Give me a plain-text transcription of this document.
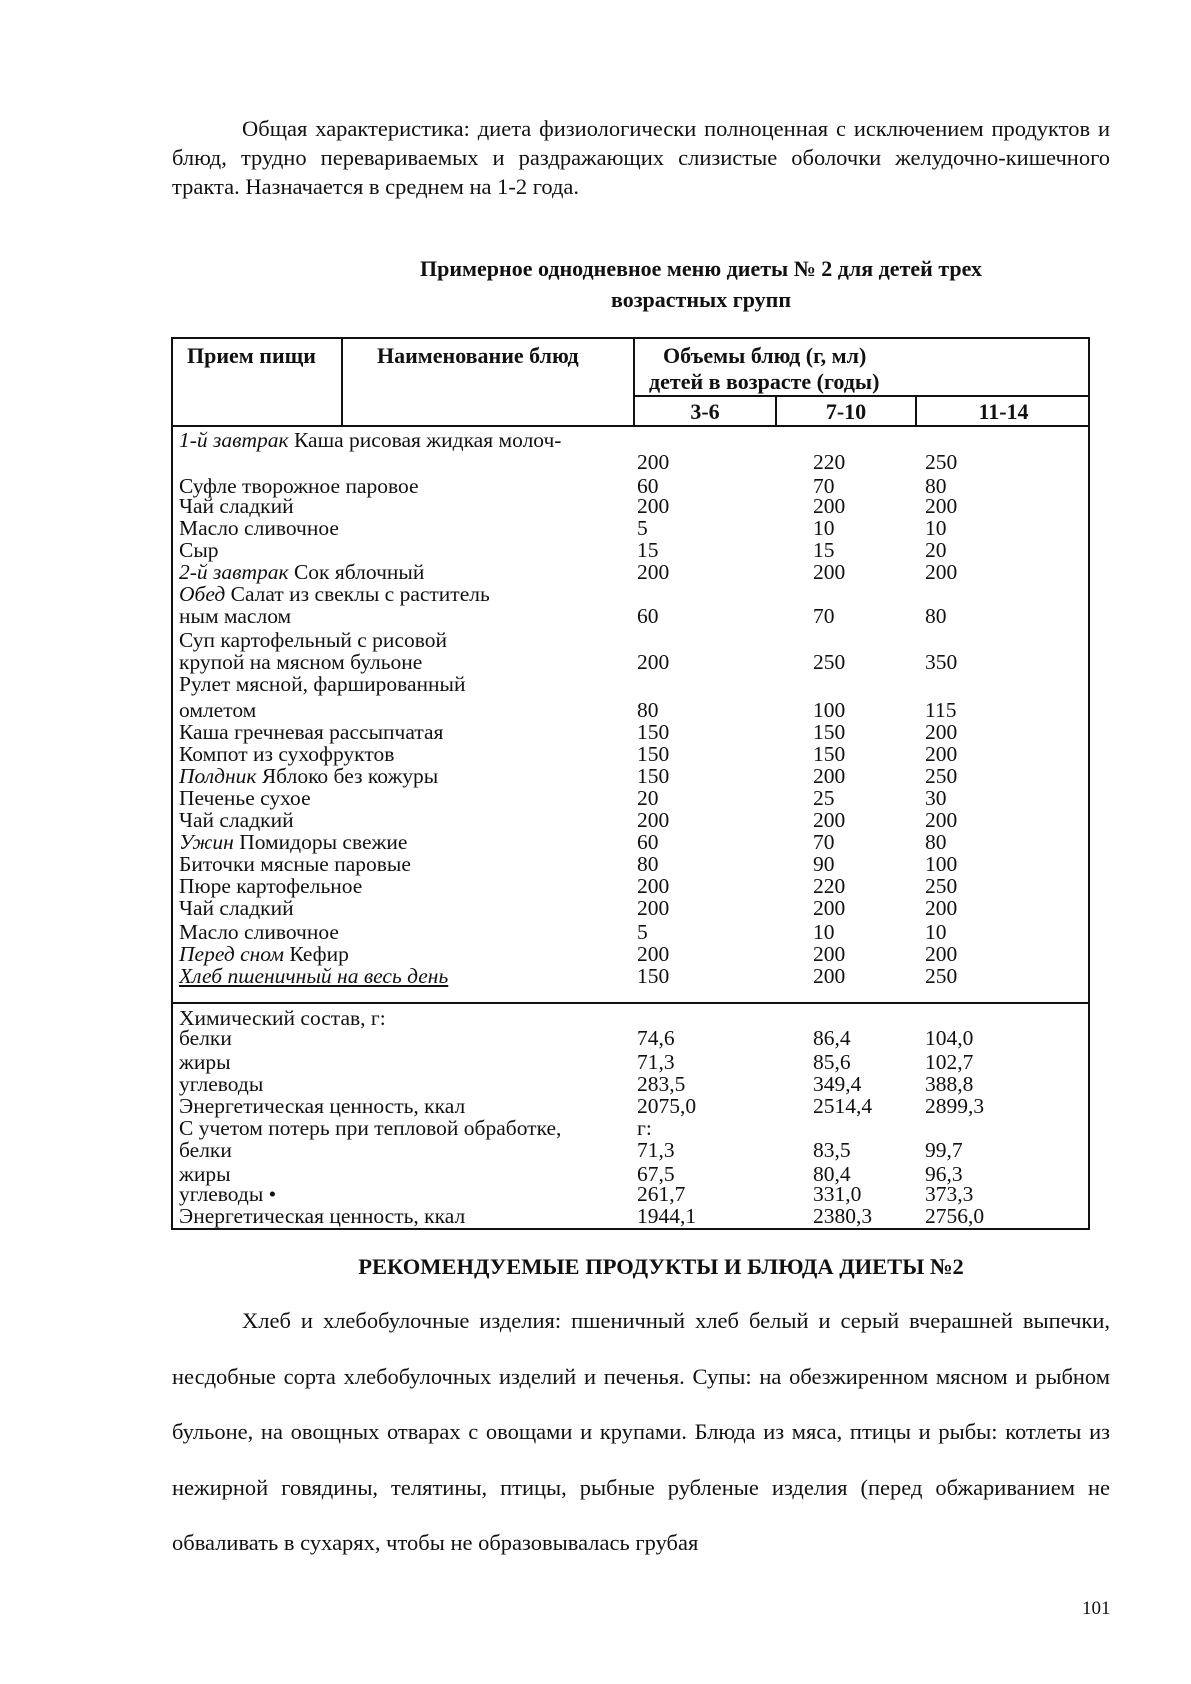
Общая характеристика: диета физиологически полноценная с исключением продуктов и блюд, трудно перевариваемых и раздражающих слизистые оболочки желудочно-кишечного тракта. Назначается в среднем на 1-2 года.

Примерное однодневное меню диеты № 2 для детей трех
возрастных групп
Прием пищи	Наименование блюд	Объемы блюд (г, мл)
детей в возрасте (годы)
3-6	7-10	11-14
1-й завтрак Каша рисовая жидкая молоч-
200	220	250
Суфле творожное паровое	60	70	80
Чай сладкий	200	200	200
Масло сливочное	5	10	10
Сыр	15	15	20
2-й завтрак Сок яблочный	200	200	200
Обед Салат из свеклы с раститель
ным маслом	60	70	80
Суп картофельный с рисовой
крупой на мясном бульоне	200	250	350
Рулет мясной, фаршированный
омлетом	80	100	115
Каша гречневая рассыпчатая	150	150	200
Компот из сухофруктов	150	150	200
Полдник Яблоко без кожуры	150	200	250
Печенье сухое	20	25	30
Чай сладкий	200	200	200
Ужин Помидоры свежие	60	70	80
Биточки мясные паровые	80	90	100
Пюре картофельное	200	220	250
Чай сладкий	200	200	200
Масло сливочное	5	10	10
Перед сном Кефир	200	200	200
Хлеб пшеничный на весь день	150	200	250
Химический состав, г:
белки	74,6	86,4	104,0
жиры	71,3	85,6	102,7
углеводы	283,5	349,4	388,8
Энергетическая ценность, ккал	2075,0	2514,4 2899,3
С учетом потерь при тепловой обработке,	г:
белки	71,3	83,5	99,7
жиры	67,5	80,4	96,3
углеводы •	261,7	331,0	373,3
Энергетическая ценность, ккал	1944,1	2380,3 2756,0
РЕКОМЕНДУЕМЫЕ ПРОДУКТЫ И БЛЮДА ДИЕТЫ №2

Хлеб и хлебобулочные изделия: пшеничный хлеб белый и серый вчерашней выпечки, несдобные сорта хлебобулочных изделий и печенья. Супы: на обезжиренном мясном и рыбном бульоне, на овощных отварах с овощами и крупами. Блюда из мяса, птицы и рыбы: котлеты из нежирной говядины, телятины, птицы, рыбные рубленые изделия (перед обжариванием не обваливать в сухарях, чтобы не образовывалась грубая

101
